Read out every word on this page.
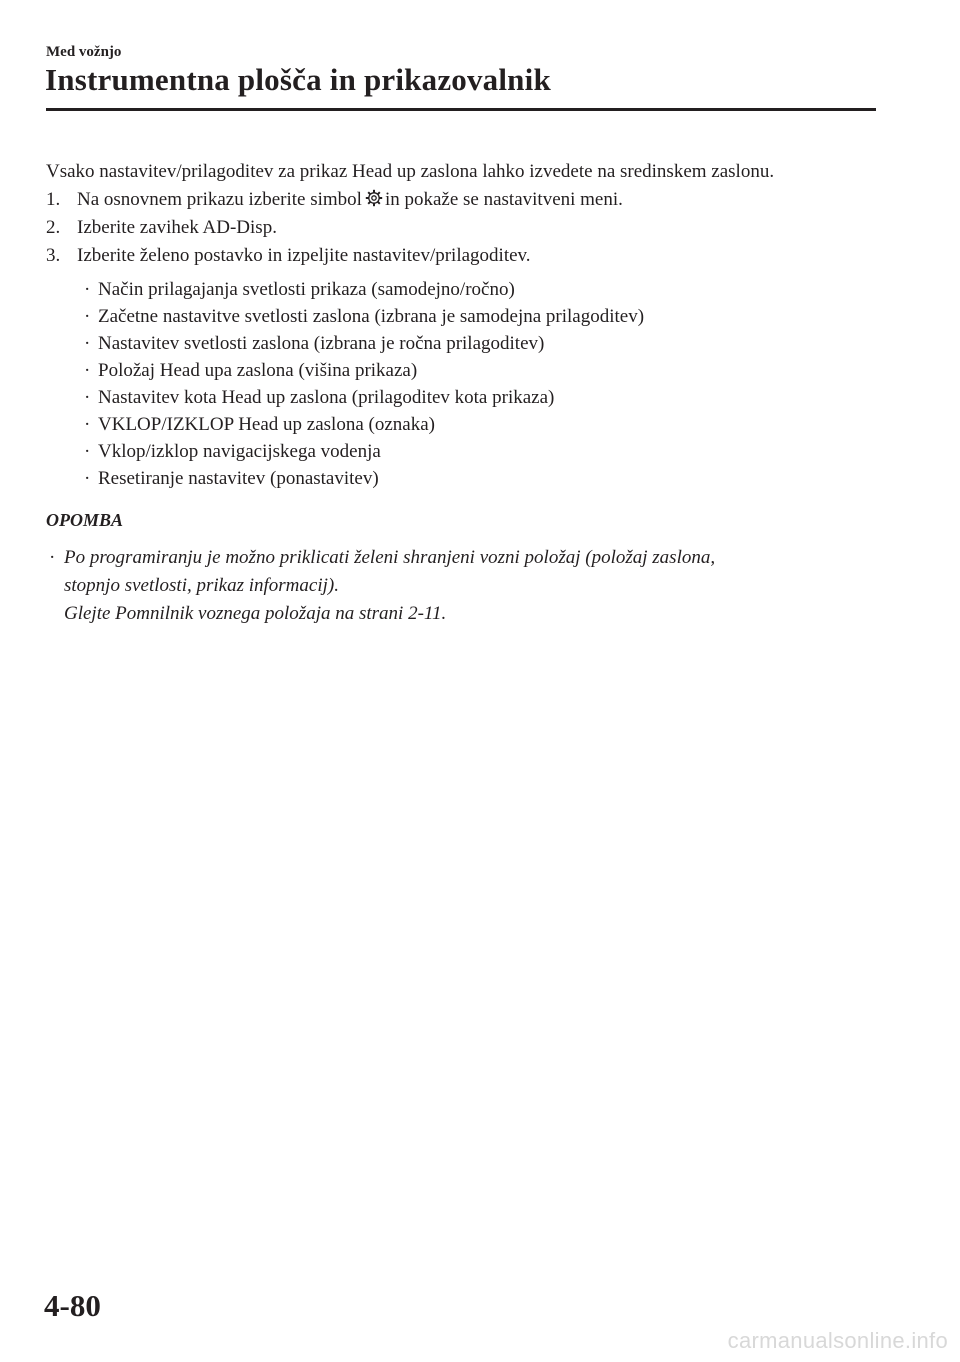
Med vožnjo
Instrumentna plošča in prikazovalnik

Vsako nastavitev/prilagoditev za prikaz Head up zaslona lahko izvedete na sredinskem zaslonu.

1. Na osnovnem prikazu izberite simbol in pokaže se nastavitveni meni.
2. Izberite zavihek AD-Disp.
3. Izberite želeno postavko in izpeljite nastavitev/prilagoditev.
· Način prilagajanja svetlosti prikaza (samodejno/ročno)
· Začetne nastavitve svetlosti zaslona (izbrana je samodejna prilagoditev)
· Nastavitev svetlosti zaslona (izbrana je ročna prilagoditev)
· Položaj Head upa zaslona (višina prikaza)
· Nastavitev kota Head up zaslona (prilagoditev kota prikaza)
· VKLOP/IZKLOP Head up zaslona (oznaka)
· Vklop/izklop navigacijskega vodenja
· Resetiranje nastavitev (ponastavitev)

OPOMBA

· Po programiranju je možno priklicati želeni shranjeni vozni položaj (položaj zaslona,
stopnjo svetlosti, prikaz informacij).
Glejte Pomnilnik voznega položaja na strani 2-11.
4-80
carmanualsonline.info
